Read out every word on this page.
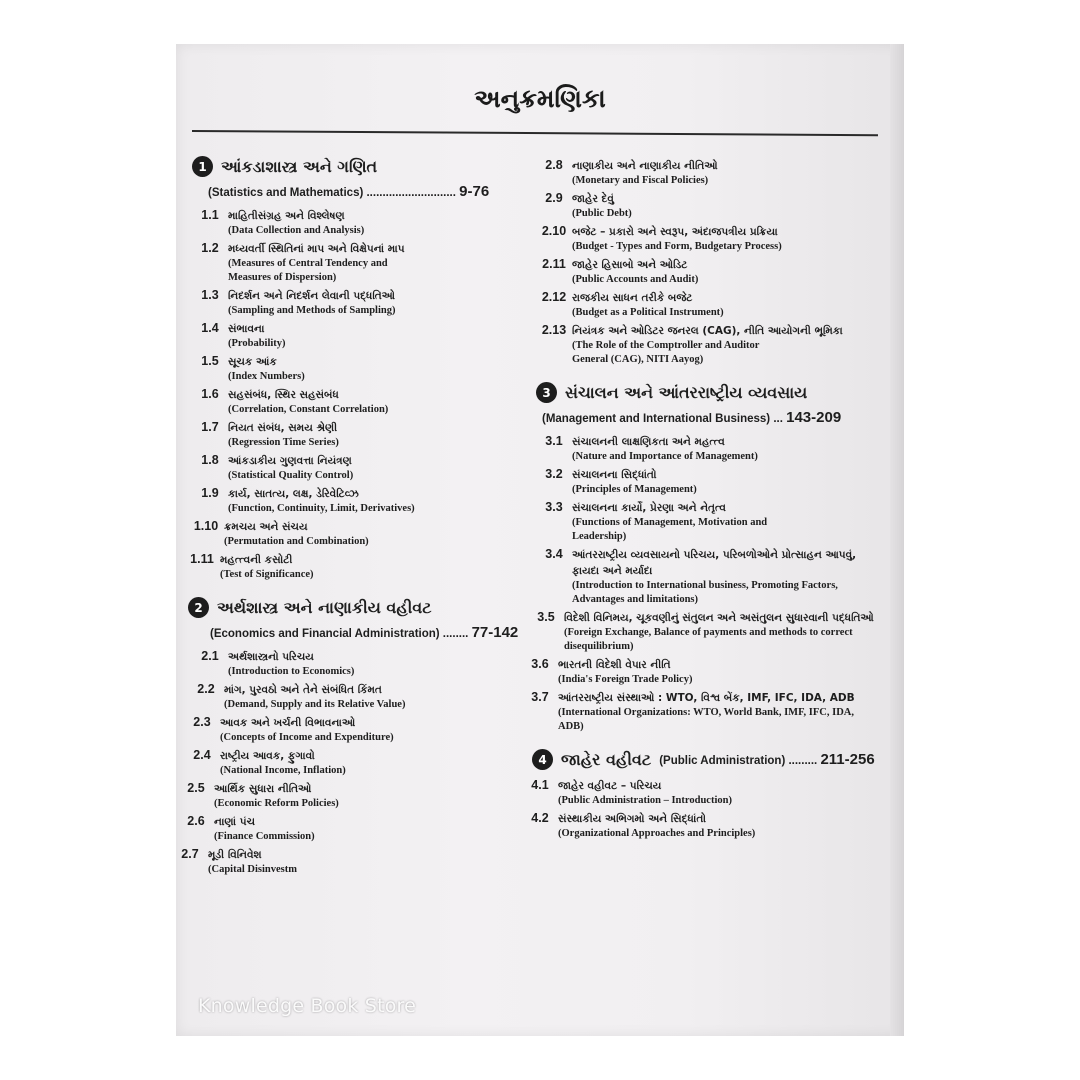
અનુક્રમણિકા
1 આંકડાશાસ્ત્ર અને ગણિત
(Statistics and Mathematics) ............................ 9-76
1.1 માહિતીસંગ્રહ અને વિશ્લેષણ
(Data Collection and Analysis)
1.2 મધ્યવર્તી સ્થિતિનાં માપ અને વિક્ષેપનાં માપ
(Measures of Central Tendency and Measures of Dispersion)
1.3 નિદર્શન અને નિદર્શન લેવાની પદ્ધતિઓ
(Sampling and Methods of Sampling)
1.4 સંભાવના
(Probability)
1.5 સૂચક આંક
(Index Numbers)
1.6 સહસંબંધ, સ્થિર સહસંબંધ
(Correlation, Constant Correlation)
1.7 નિયત સંબંધ, સમય શ્રેણી
(Regression Time Series)
1.8 આંકડાકીય ગુણવત્તા નિયંત્રણ
(Statistical Quality Control)
1.9 કાર્ય, સાતત્ય, લક્ષ, ડેરિવેટિવ્ઝ
(Function, Continuity, Limit, Derivatives)
1.10 ક્રમચય અને સંચય
(Permutation and Combination)
1.11 મહત્ત્વની કસોટી
(Test of Significance)
2 અર્થશાસ્ત્ર અને નાણાકીય વહીવટ
(Economics and Financial Administration) ........ 77-142
2.1 અર્થશાસ્ત્રનો પરિચય
(Introduction to Economics)
2.2 માંગ, પુરવઠો અને તેને સંબંધિત કિંમત
(Demand, Supply and its Relative Value)
2.3 આવક અને ખર્ચની વિભાવનાઓ
(Concepts of Income and Expenditure)
2.4 રાષ્ટ્રીય આવક, ફુગાવો
(National Income, Inflation)
2.5 આર્થિક સુધારા નીતિઓ
(Economic Reform Policies)
2.6 નાણાં પંચ
(Finance Commission)
2.7 મૂડી વિનિવેશ
(Capital Disinvestm
2.8 નાણાકીય અને નાણાકીય નીતિઓ
(Monetary and Fiscal Policies)
2.9 જાહેર દેવું
(Public Debt)
2.10 બજેટ – પ્રકારો અને સ્વરૂપ, અંદાજપત્રીય પ્રક્રિયા
(Budget - Types and Form, Budgetary Process)
2.11 જાહેર હિસાબો અને ઓડિટ
(Public Accounts and Audit)
2.12 રાજકીય સાધન તરીકે બજેટ
(Budget as a Political Instrument)
2.13 નિયંત્રક અને ઓડિટર જનરલ (CAG), નીતિ આયોગની ભૂમિકા
(The Role of the Comptroller and Auditor General (CAG), NITI Aayog)
3 સંચાલન અને આંતરરાષ્ટ્રીય વ્યવસાય
(Management and International Business) ... 143-209
3.1 સંચાલનની લાક્ષણિકતા અને મહત્ત્વ
(Nature and Importance of Management)
3.2 સંચાલનના સિદ્ધાંતો
(Principles of Management)
3.3 સંચાલનના કાર્યો, પ્રેરણા અને નેતૃત્વ
(Functions of Management, Motivation and Leadership)
3.4 આંતરરાષ્ટ્રીય વ્યવસાયનો પરિચય, પરિબળોઓને પ્રોત્સાહન આપવું, ફાયદા અને મર્યાદા
(Introduction to International business, Promoting Factors, Advantages and limitations)
3.5 વિદેશી વિનિમય, ચૂકવણીનું સંતુલન અને અસંતુલન સુધારવાની પદ્ધતિઓ
(Foreign Exchange, Balance of payments and methods to correct disequilibrium)
3.6 ભારતની વિદેશી વેપાર નીતિ
(India's Foreign Trade Policy)
3.7 આંતરરાષ્ટ્રીય સંસ્થાઓ : WTO, વિશ્વ બેંક, IMF, IFC, IDA, ADB
(International Organizations: WTO, World Bank, IMF, IFC, IDA, ADB)
4 જાહેર વહીવટ (Public Administration) ......... 211-256
4.1 જાહેર વહીવટ – પરિચય
(Public Administration – Introduction)
4.2 સંસ્થાકીય અભિગમો અને સિદ્ધાંતો
(Organizational Approaches and Principles)
Knowledge Book Store
